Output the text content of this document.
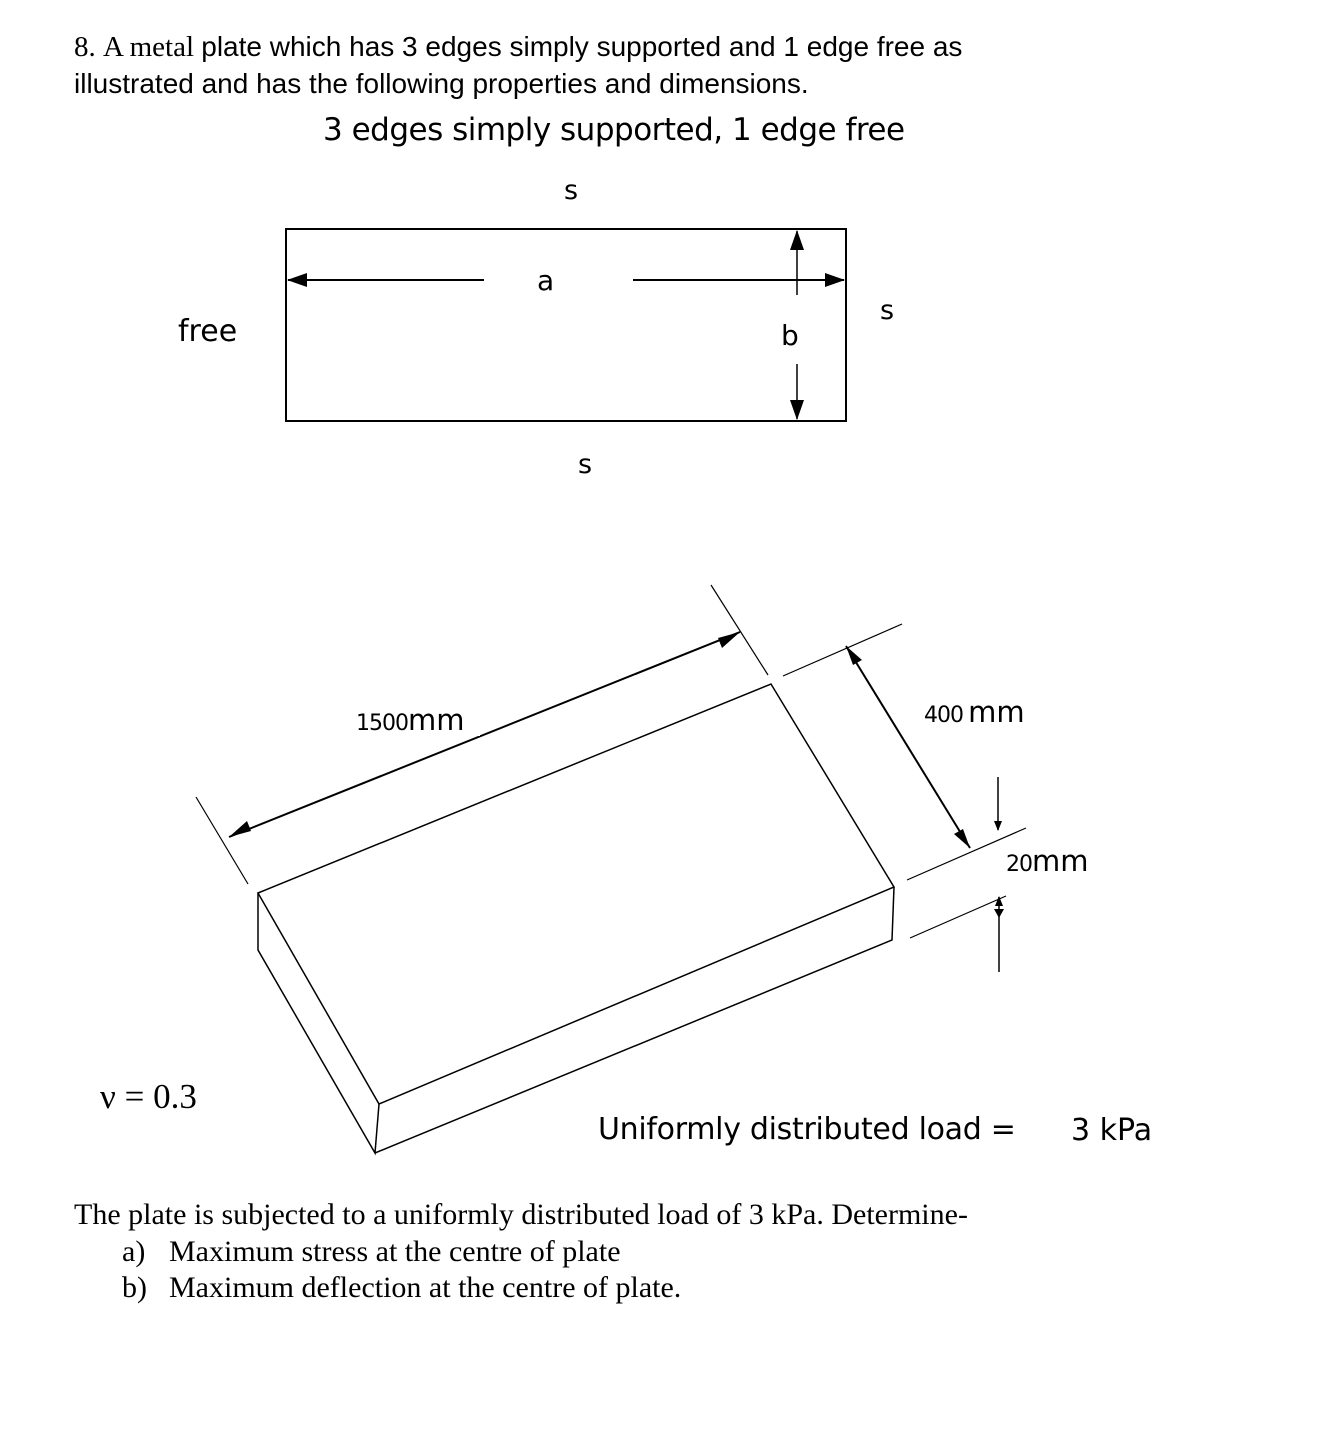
8. A metal plate which has 3 edges simply supported and 1 edge free as
illustrated and has the following properties and dimensions.
3 edges simply supported, 1 edge free
s
s
s
free
a
b
1500mm	400 mm
20mm
ν = 0.3
Uniformly distributed load = 3 kPa
The plate is subjected to a uniformly distributed load of 3 kPa. Determine-
a) Maximum stress at the centre of plate
b) Maximum deflection at the centre of plate.
